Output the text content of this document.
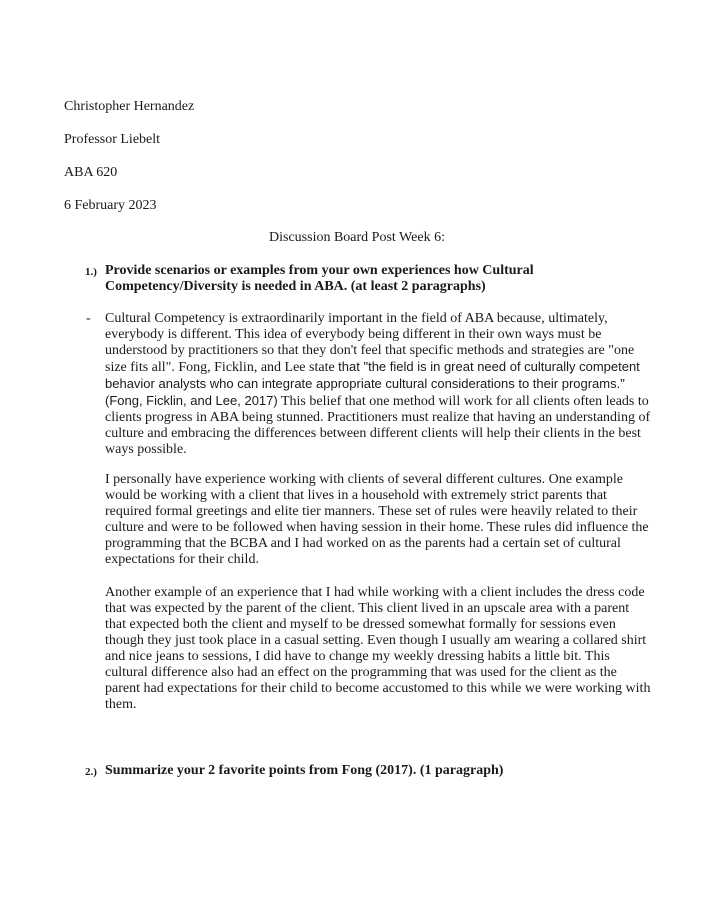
Christopher Hernandez
Professor Liebelt
ABA 620
6 February 2023
Discussion Board Post Week 6:
1.) Provide scenarios or examples from your own experiences how Cultural Competency/Diversity is needed in ABA. (at least 2 paragraphs)
- Cultural Competency is extraordinarily important in the field of ABA because, ultimately, everybody is different. This idea of everybody being different in their own ways must be understood by practitioners so that they don't feel that specific methods and strategies are "one size fits all". Fong, Ficklin, and Lee state that "the field is in great need of culturally competent behavior analysts who can integrate appropriate cultural considerations to their programs." (Fong, Ficklin, and Lee, 2017) This belief that one method will work for all clients often leads to clients progress in ABA being stunned. Practitioners must realize that having an understanding of culture and embracing the differences between different clients will help their clients in the best ways possible.

I personally have experience working with clients of several different cultures. One example would be working with a client that lives in a household with extremely strict parents that required formal greetings and elite tier manners. These set of rules were heavily related to their culture and were to be followed when having session in their home. These rules did influence the programming that the BCBA and I had worked on as the parents had a certain set of cultural expectations for their child.

Another example of an experience that I had while working with a client includes the dress code that was expected by the parent of the client. This client lived in an upscale area with a parent that expected both the client and myself to be dressed somewhat formally for sessions even though they just took place in a casual setting. Even though I usually am wearing a collared shirt and nice jeans to sessions, I did have to change my weekly dressing habits a little bit. This cultural difference also had an effect on the programming that was used for the client as the parent had expectations for their child to become accustomed to this while we were working with them.

2.) Summarize your 2 favorite points from Fong (2017). (1 paragraph)
